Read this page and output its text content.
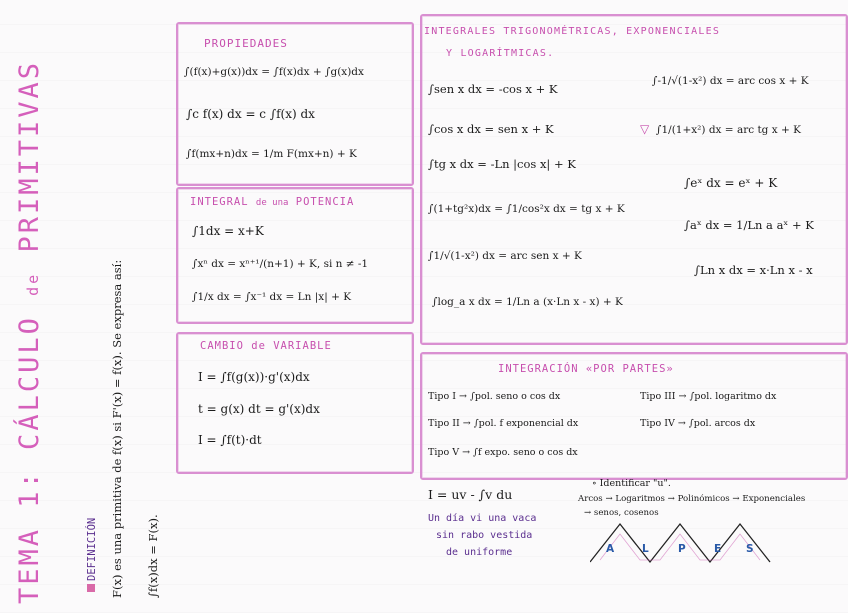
TEMA 1: CÁLCULO de PRIMITIVAS
DEFINICIÓN F(x) es una primitiva de f(x) si F'(x) = f(x). Se expresa así: ∫f(x)dx = F(x).
PROPIEDADES
∫(f(x)+g(x))dx = ∫f(x)dx + ∫g(x)dx
∫c f(x) dx = c ∫f(x) dx
∫f(mx+n)dx = 1/m F(mx+n) + K
INTEGRAL de una POTENCIA
∫1dx = x+K
∫xⁿ dx = xⁿ⁺¹/(n+1) + K, si n ≠ -1
∫1/x dx = ∫x⁻¹ dx = Ln |x| + K
CAMBIO de VARIABLE
I = ∫f(g(x))·g'(x)dx
t = g(x) dt = g'(x)dx
I = ∫f(t)·dt
INTEGRALES TRIGONOMÉTRICAS, EXPONENCIALES
Y LOGARÍTMICAS.
∫sen x dx = -cos x + K
∫cos x dx = sen x + K
∫tg x dx = -Ln |cos x| + K
∫(1+tg²x)dx = ∫1/cos²x dx = tg x + K
∫1/√(1-x²) dx = arc sen x + K
∫log_a x dx = 1/Ln a (x·Ln x - x) + K
∫-1/√(1-x²) dx = arc cos x + K
▽ ∫1/(1+x²) dx = arc tg x + K
∫eˣ dx = eˣ + K
∫aˣ dx = 1/Ln a aˣ + K
∫Ln x dx = x·Ln x - x
INTEGRACIÓN «POR PARTES»
Tipo I → ∫pol. seno o cos dx
Tipo II → ∫pol. f exponencial dx
Tipo V → ∫f expo. seno o cos dx
Tipo III → ∫pol. logaritmo dx
Tipo IV → ∫pol. arcos dx
I = uv - ∫v du
Un día vi una vaca
sin rabo vestida
de uniforme
∘ Identificar "u".
Arcos → Logaritmos → Polinómicos → Exponenciales
→ senos, cosenos
A	L	P	E S
